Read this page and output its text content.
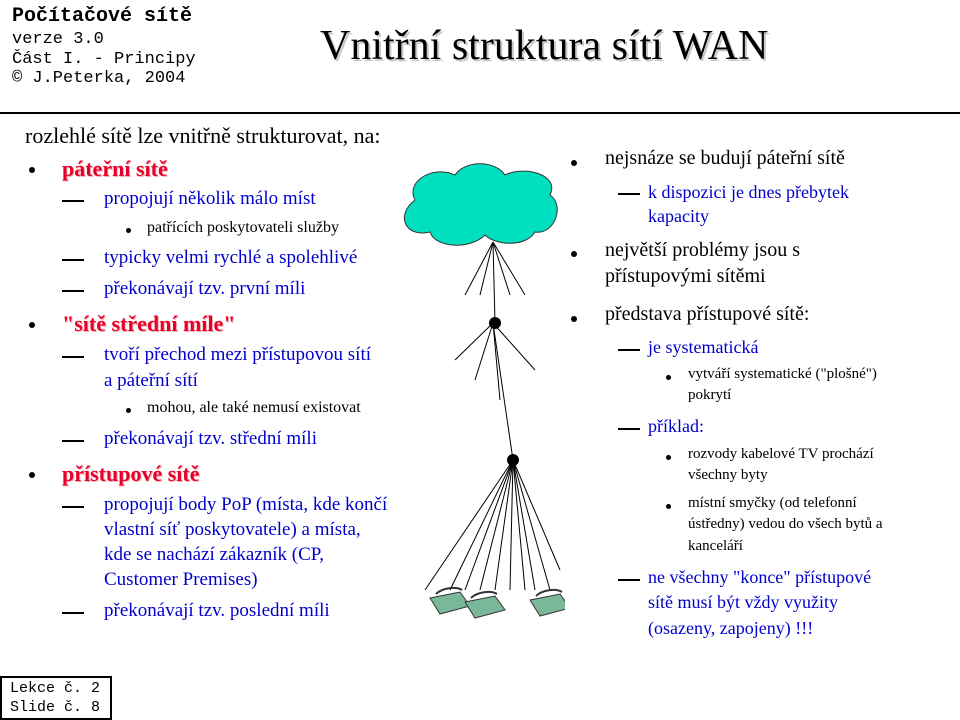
Počítačové sítě
verze 3.0
Část I. - Principy
© J.Peterka, 2004
Vnitřní struktura sítí WAN
rozlehlé sítě lze vnitřně strukturovat, na:
páteřní sítě
propojují několik málo míst
patřících poskytovateli služby
typicky velmi rychlé a spolehlivé
překonávají tzv. první míli
"sítě střední míle"
tvoří přechod mezi přístupovou sítí
a páteřní sítí
mohou, ale také nemusí existovat
překonávají tzv. střední míli
přístupové sítě
propojují body PoP (místa, kde končí
vlastní síť poskytovatele) a místa,
kde se nachází zákazník (CP,
Customer Premises)
překonávají tzv. poslední míli
nejsnáze se budují páteřní sítě
k dispozici je dnes přebytek
kapacity
největší problémy jsou s
přístupovými sítěmi
představa přístupové sítě:
je systematická
vytváří systematické ("plošné")
pokrytí
příklad:
rozvody kabelové TV prochází
všechny byty
místní smyčky (od telefonní
ústředny) vedou do všech bytů a
kanceláří
ne všechny "konce" přístupové
sítě musí být vždy využity
(osazeny, zapojeny) !!!
Lekce č. 2
Slide č. 8
